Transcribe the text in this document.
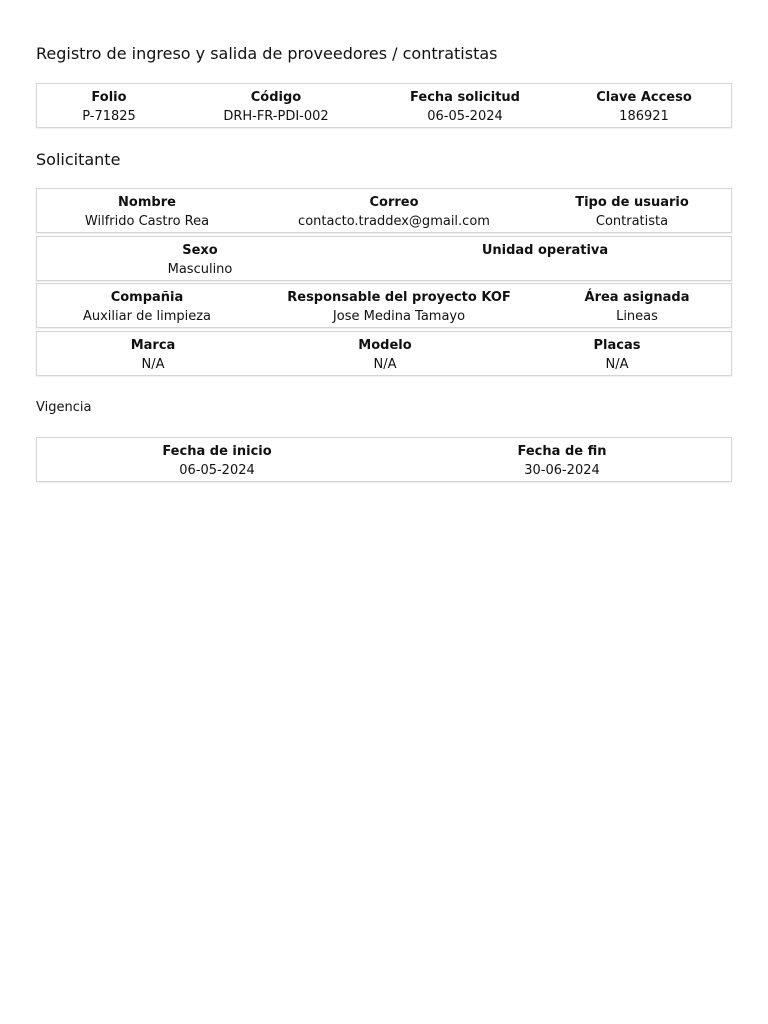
Registro de ingreso y salida de proveedores / contratistas
Folio
P-71825
Código
DRH-FR-PDI-002
Fecha solicitud
06-05-2024
Clave Acceso
186921
Solicitante
Nombre
Wilfrido Castro Rea
Correo
contacto.traddex@gmail.com
Tipo de usuario
Contratista
Sexo
Masculino
Unidad operativa
Compañia
Auxiliar de limpieza
Responsable del proyecto KOF
Jose Medina Tamayo
Área asignada
Lineas
Marca
N/A
Modelo
N/A
Placas
N/A
Vigencia
Fecha de inicio
06-05-2024
Fecha de fin
30-06-2024
